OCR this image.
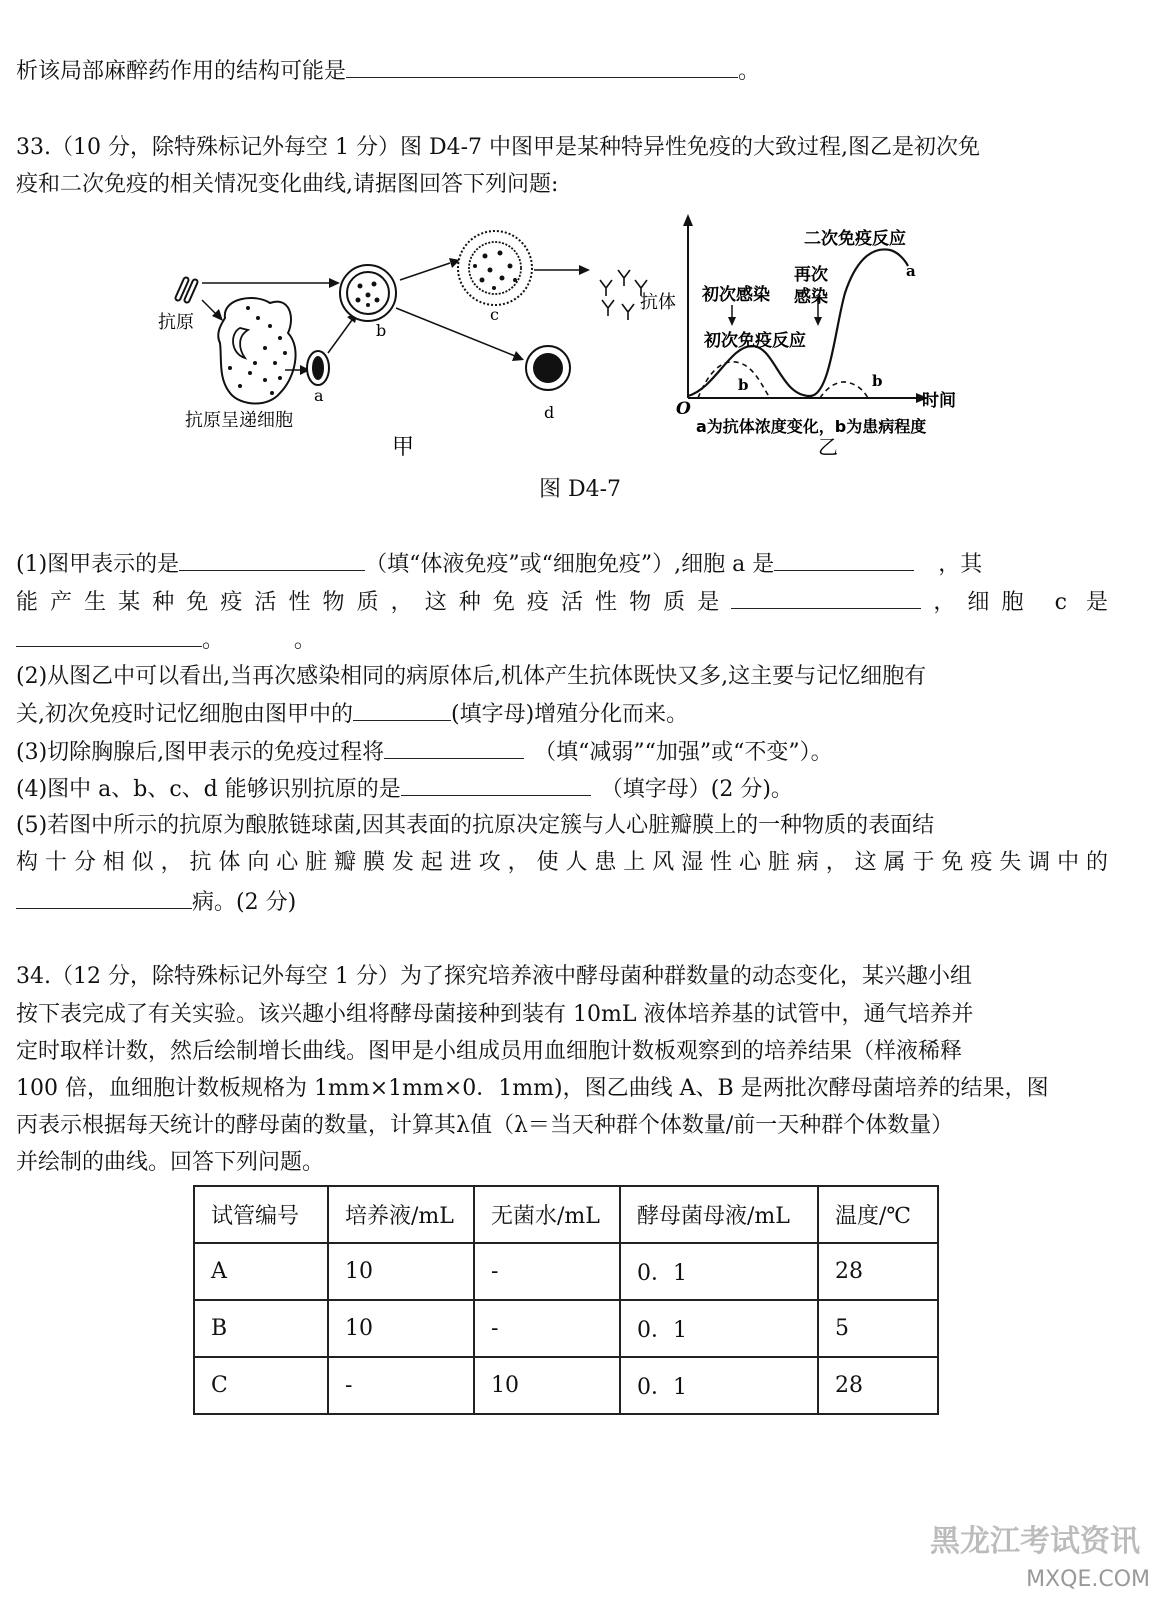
析该局部麻醉药作用的结构可能是	。
33.（10 分，除特殊标记外每空 1 分）图 D4-7 中图甲是某种特异性免疫的大致过程,图乙是初次免
疫和二次免疫的相关情况变化曲线,请据图回答下列问题:
抗原
抗原呈递细胞
a
b
c
抗体
d
甲
二次免疫反应
再次
感染
初次感染
初次免疫反应
a
b	b
O	时间
a为抗体浓度变化，b为患病程度
乙
图 D4-7
(1)图甲表示的是	（填“体液免疫”或“细胞免疫”）,细胞 a 是	，其
能产生某种免疫活性物质，这种免疫活性物质是	，细胞 c 是
。          。
(2)从图乙中可以看出,当再次感染相同的病原体后,机体产生抗体既快又多,这主要与记忆细胞有
关,初次免疫时记忆细胞由图甲中的	(填字母)增殖分化而来。
(3)切除胸腺后,图甲表示的免疫过程将	（填“减弱”“加强”或“不变”）。
(4)图中 a、b、c、d 能够识别抗原的是	（填字母）(2 分)。
(5)若图中所示的抗原为酿脓链球菌,因其表面的抗原决定簇与人心脏瓣膜上的一种物质的表面结
构十分相似，抗体向心脏瓣膜发起进攻，使人患上风湿性心脏病，这属于免疫失调中的
病。(2 分)
34.（12 分，除特殊标记外每空 1 分）为了探究培养液中酵母菌种群数量的动态变化，某兴趣小组
按下表完成了有关实验。该兴趣小组将酵母菌接种到装有 10mL 液体培养基的试管中，通气培养并
定时取样计数，然后绘制增长曲线。图甲是小组成员用血细胞计数板观察到的培养结果（样液稀释
100 倍，血细胞计数板规格为 1mm×1mm×0．1mm)，图乙曲线 A、B 是两批次酵母菌培养的结果，图
丙表示根据每天统计的酵母菌的数量，计算其λ值（λ＝当天种群个体数量/前一天种群个体数量）
并绘制的曲线。回答下列问题。
试管编号	培养液/mL	无菌水/mL	酵母菌母液/mL	温度/℃
A	10	-	0．1	28
B	10	-	0．1	5
C	-	10	0．1	28
黑龙江考试资讯
MXQE.COM
